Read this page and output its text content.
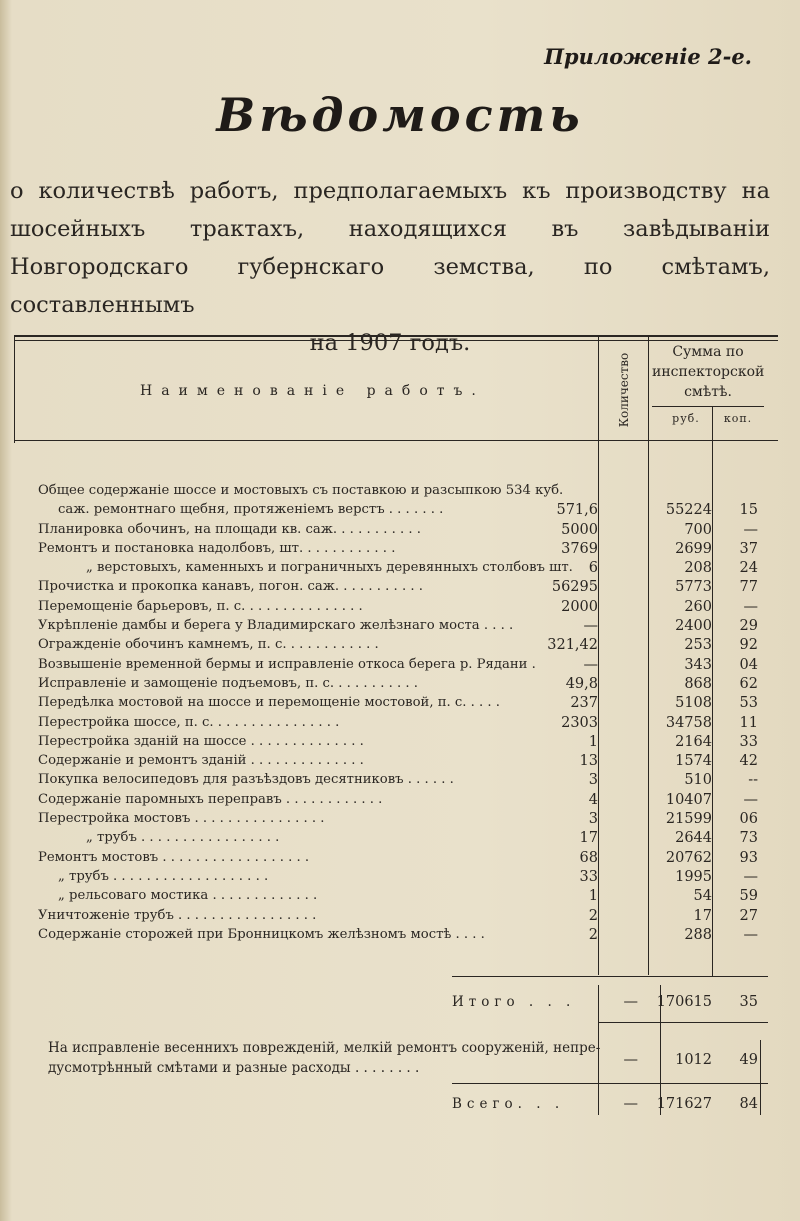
Приложеніе 2-е.
Вѣдомость
о количествѣ работъ, предполагаемыхъ къ производству на шосейныхъ трактахъ, находящихся въ завѣдываніи Новгородскаго губернскаго земства, по смѣтамъ, составленнымъ
на 1907 годъ.
Наименованіе работъ.	Количество
Сумма по инспекторской смѣтѣ.
руб.	коп.
Общее содержаніе шоссе и мостовыхъ съ поставкою и разсыпкою 534 куб.
саж. ремонтнаго щебня, протяженіемъ верстъ . . . . . . .	571,6	55224	15
Планировка обочинъ, на площади кв. саж. . . . . . . . . . .	5000	700	—
Ремонтъ и постановка надолбовъ, шт. . . . . . . . . . . .	3769	2699	37
„ верстовыхъ, каменныхъ и пограничныхъ деревянныхъ столбовъ шт.	6	208	24
Прочистка и прокопка канавъ, погон. саж. . . . . . . . . . .	56295	5773	77
Перемощеніе барьеровъ, п. с. . . . . . . . . . . . . . .	2000	260	—
Укрѣпленіе дамбы и берега у Владимирскаго желѣзнаго моста . . . .	—	2400	29
Огражденіе обочинъ камнемъ, п. с. . . . . . . . . . . .	321,42	253	92
Возвышеніе временной бермы и исправленіе откоса берега р. Рядани .	—	343	04
Исправленіе и замощеніе подъемовъ, п. с. . . . . . . . . . .	49,8	868	62
Передѣлка мостовой на шоссе и перемощеніе мостовой, п. с. . . . .	237	5108	53
Перестройка шоссе, п. с. . . . . . . . . . . . . . . .	2303	34758	11
Перестройка зданій на шоссе . . . . . . . . . . . . . .	1	2164	33
Содержаніе и ремонтъ зданій . . . . . . . . . . . . . .	13	1574	42
Покупка велосипедовъ для разъѣздовъ десятниковъ . . . . . .	3	510	--
Содержаніе паромныхъ переправъ . . . . . . . . . . . .	4	10407	—
Перестройка мостовъ . . . . . . . . . . . . . . . .	3	21599	06
„ трубъ . . . . . . . . . . . . . . . . .	17	2644	73
Ремонтъ мостовъ . . . . . . . . . . . . . . . . . .	68	20762	93
„ трубъ . . . . . . . . . . . . . . . . . . .	33	1995	—
„ рельсоваго мостика . . . . . . . . . . . . .	1	54	59
Уничтоженіе трубъ . . . . . . . . . . . . . . . . .	2	17	27
Содержаніе сторожей при Бронницкомъ желѣзномъ мостѣ . . . .	2	288	—
Итого . . .	—	170615	35
На исправленіе весеннихъ поврежденій, мелкій ремонтъ сооруженій, непре-
дусмотрѣнный смѣтами и разные расходы . . . . . . . .	—	1012	49
Всего. . .	—	171627	84
